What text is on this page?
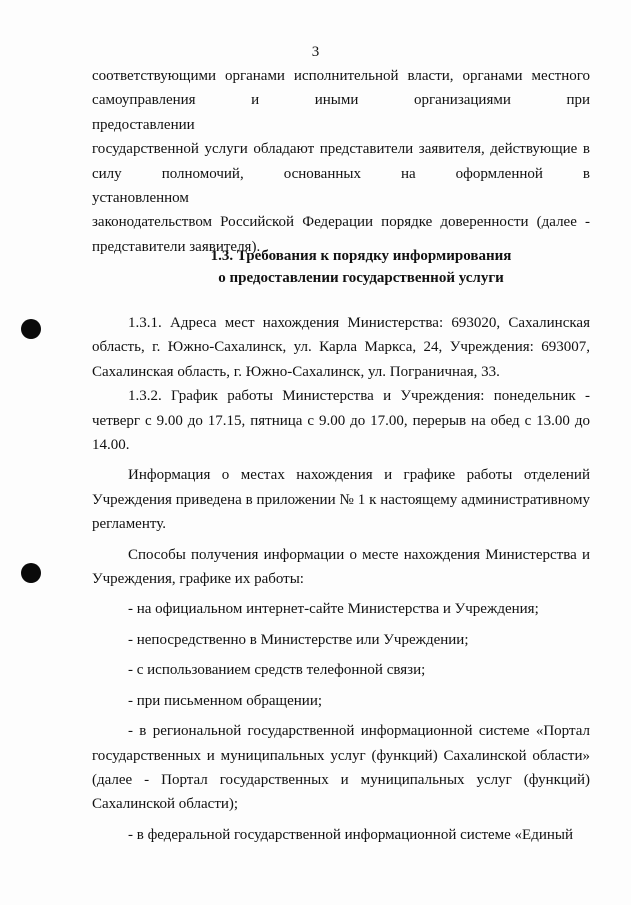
3
соответствующими органами исполнительной власти, органами местного
самоуправления и иными организациями при предоставлении
государственной услуги обладают представители заявителя, действующие в
силу полномочий, основанных на оформленной в установленном
законодательством Российской Федерации порядке доверенности (далее -
представители заявителя).
1.3. Требования к порядку информирования
о предоставлении государственной услуги

1.3.1. Адреса мест нахождения Министерства: 693020, Сахалинская область, г. Южно-Сахалинск, ул. Карла Маркса, 24, Учреждения: 693007, Сахалинская область, г. Южно-Сахалинск, ул. Пограничная, 33.

1.3.2. График работы Министерства и Учреждения: понедельник - четверг с 9.00 до 17.15, пятница с 9.00 до 17.00, перерыв на обед с 13.00 до 14.00.

Информация о местах нахождения и графике работы отделений Учреждения приведена в приложении № 1 к настоящему административному регламенту.

Способы получения информации о месте нахождения Министерства и Учреждения, графике их работы:

- на официальном интернет-сайте Министерства и Учреждения;

- непосредственно в Министерстве или Учреждении;

- с использованием средств телефонной связи;

- при письменном обращении;

- в региональной государственной информационной системе «Портал государственных и муниципальных услуг (функций) Сахалинской области» (далее - Портал государственных и муниципальных услуг (функций) Сахалинской области);

- в федеральной государственной информационной системе «Единый
